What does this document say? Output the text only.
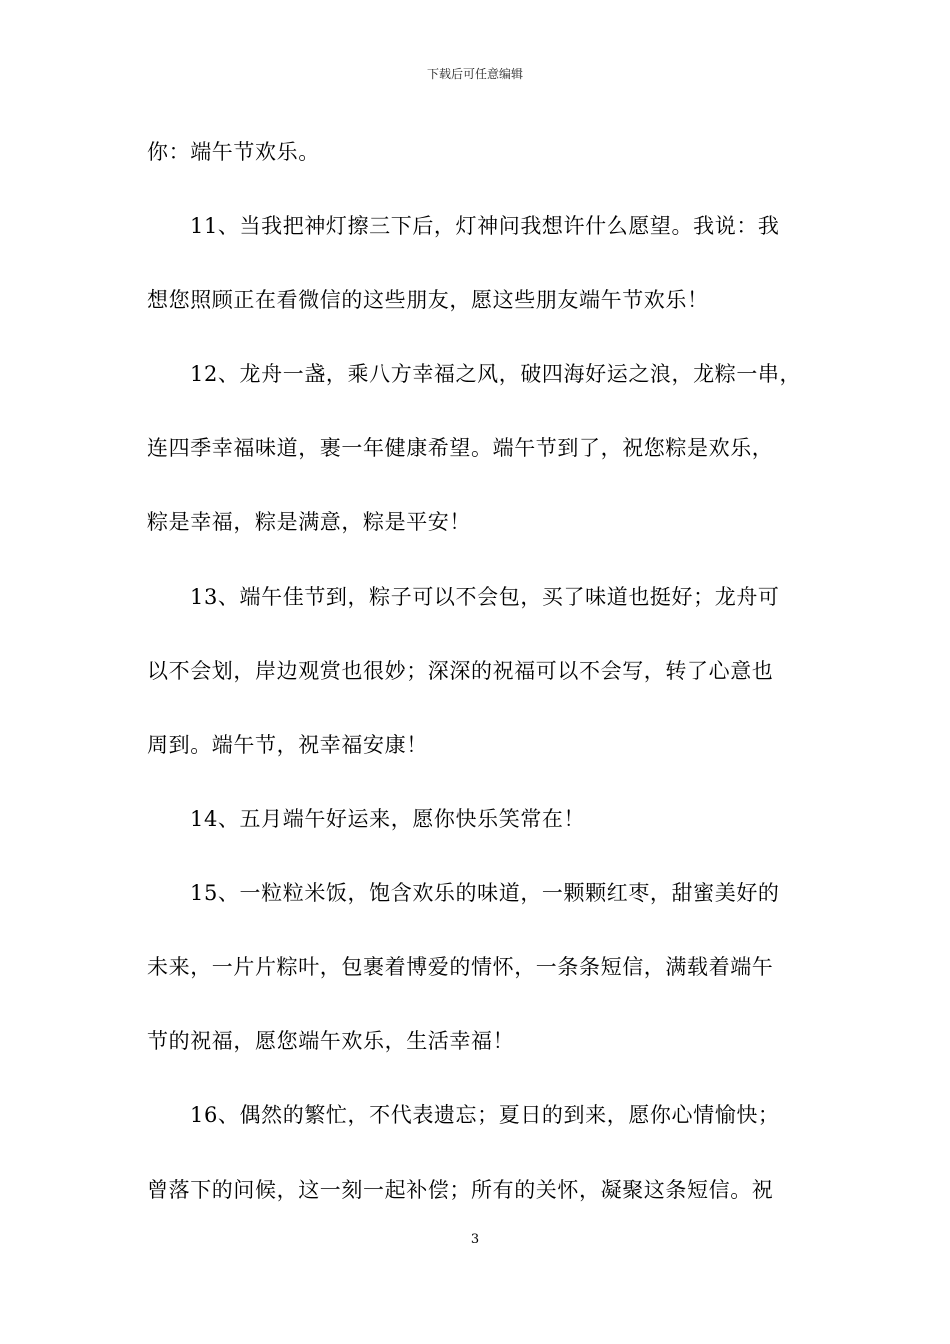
下载后可任意编辑
你：端午节欢乐。
11、当我把神灯擦三下后，灯神问我想许什么愿望。我说：我
想您照顾正在看微信的这些朋友，愿这些朋友端午节欢乐！
12、龙舟一盏，乘八方幸福之风，破四海好运之浪，龙粽一串，
连四季幸福味道，裹一年健康希望。端午节到了，祝您粽是欢乐，
粽是幸福，粽是满意，粽是平安！
13、端午佳节到，粽子可以不会包，买了味道也挺好；龙舟可
以不会划，岸边观赏也很妙；深深的祝福可以不会写，转了心意也
周到。端午节，祝幸福安康！
14、五月端午好运来，愿你快乐笑常在！
15、一粒粒米饭，饱含欢乐的味道，一颗颗红枣，甜蜜美好的
未来，一片片粽叶，包裹着博爱的情怀，一条条短信，满载着端午
节的祝福，愿您端午欢乐，生活幸福！
16、偶然的繁忙，不代表遗忘；夏日的到来，愿你心情愉快；
曾落下的问候，这一刻一起补偿；所有的关怀，凝聚这条短信。祝
3
